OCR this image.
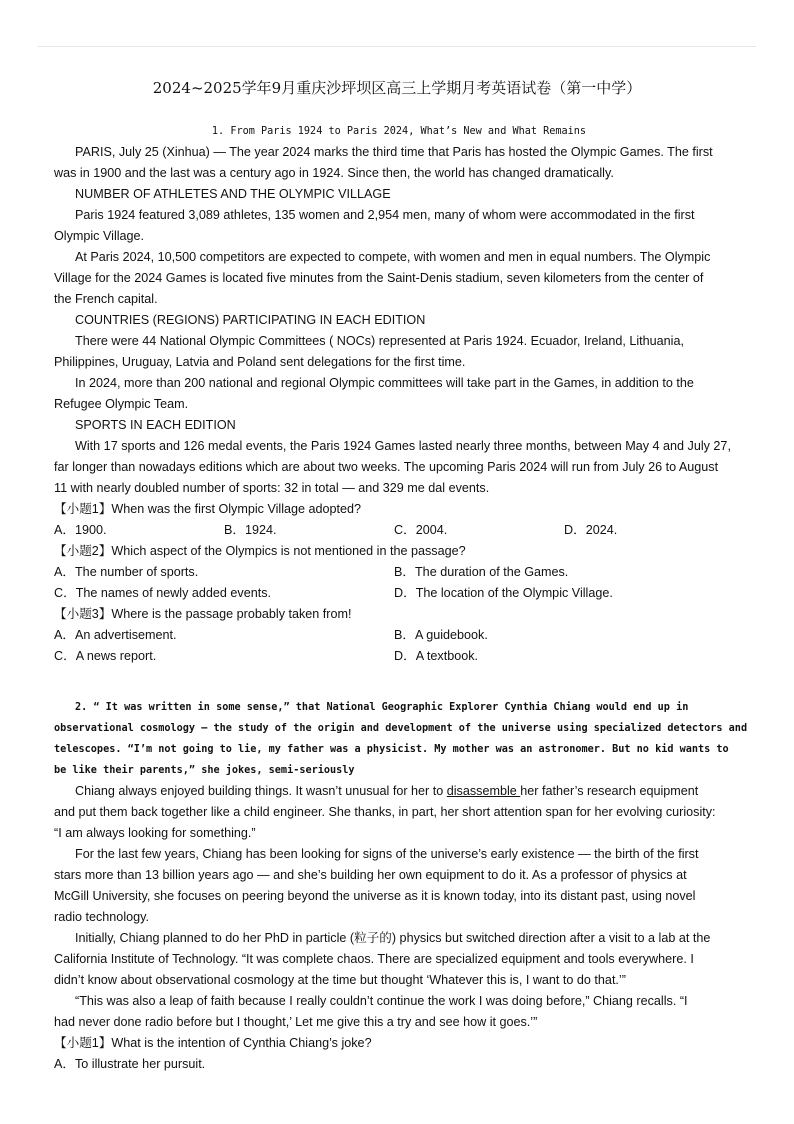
2024~2025学年9月重庆沙坪坝区高三上学期月考英语试卷（第一中学）

1. From Paris 1924 to Paris 2024, What’s New and What Remains

PARIS, July 25 (Xinhua) — The year 2024 marks the third time that Paris has hosted the Olympic Games. The first

was in 1900 and the last was a century ago in 1924. Since then, the world has changed dramatically.

NUMBER OF ATHLETES AND THE OLYMPIC VILLAGE

Paris 1924 featured 3,089 athletes, 135 women and 2,954 men, many of whom were accommodated in the first

Olympic Village.

At Paris 2024, 10,500 competitors are expected to compete, with women and men in equal numbers. The Olympic

Village for the 2024 Games is located five minutes from the Saint-Denis stadium, seven kilometers from the center of

the French capital.

COUNTRIES (REGIONS) PARTICIPATING IN EACH EDITION

There were 44 National Olympic Committees ( NOCs) represented at Paris 1924. Ecuador, Ireland, Lithuania,

Philippines, Uruguay, Latvia and Poland sent delegations for the first time.

In 2024, more than 200 national and regional Olympic committees will take part in the Games, in addition to the

Refugee Olympic Team.

SPORTS IN EACH EDITION

With 17 sports and 126 medal events, the Paris 1924 Games lasted nearly three months, between May 4 and July 27,

far longer than nowadays editions which are about two weeks. The upcoming Paris 2024 will run from July 26 to August

11 with nearly doubled number of sports: 32 in total — and 329 me dal events.

【小题1】When was the first Olympic Village adopted?

A．1900.	B．1924.	C．2004.	D．2024.

【小题2】Which aspect of the Olympics is not mentioned in the passage?

A．The number of sports.	B．The duration of the Games.
C．The names of newly added events.	D．The location of the Olympic Village.

【小题3】Where is the passage probably taken from!

A．An advertisement.	B．A guidebook.
C．A news report.	D．A textbook.

2. “ It was written in some sense,” that National Geographic Explorer Cynthia Chiang would end up in

observational cosmology — the study of the origin and development of the universe using specialized detectors and

telescopes. “I’m not going to lie, my father was a physicist. My mother was an astronomer. But no kid wants to

be like their parents,” she jokes, semi-seriously

Chiang always enjoyed building things. It wasn’t unusual for her to disassemble her father’s research equipment

and put them back together like a child engineer. She thanks, in part, her short attention span for her evolving curiosity:

“I am always looking for something.”

For the last few years, Chiang has been looking for signs of the universe’s early existence — the birth of the first

stars more than 13 billion years ago — and she’s building her own equipment to do it. As a professor of physics at

McGill University, she focuses on peering beyond the universe as it is known today, into its distant past, using novel

radio technology.

Initially, Chiang planned to do her PhD in particle (粒子的) physics but switched direction after a visit to a lab at the

California Institute of Technology. “It was complete chaos. There are specialized equipment and tools everywhere. I

didn’t know about observational cosmology at the time but thought ‘Whatever this is, I want to do that.’”

“This was also a leap of faith because I really couldn’t continue the work I was doing before,” Chiang recalls. “I

had never done radio before but I thought,’ Let me give this a try and see how it goes.’”

【小题1】What is the intention of Cynthia Chiang’s joke?

A．To illustrate her pursuit.
